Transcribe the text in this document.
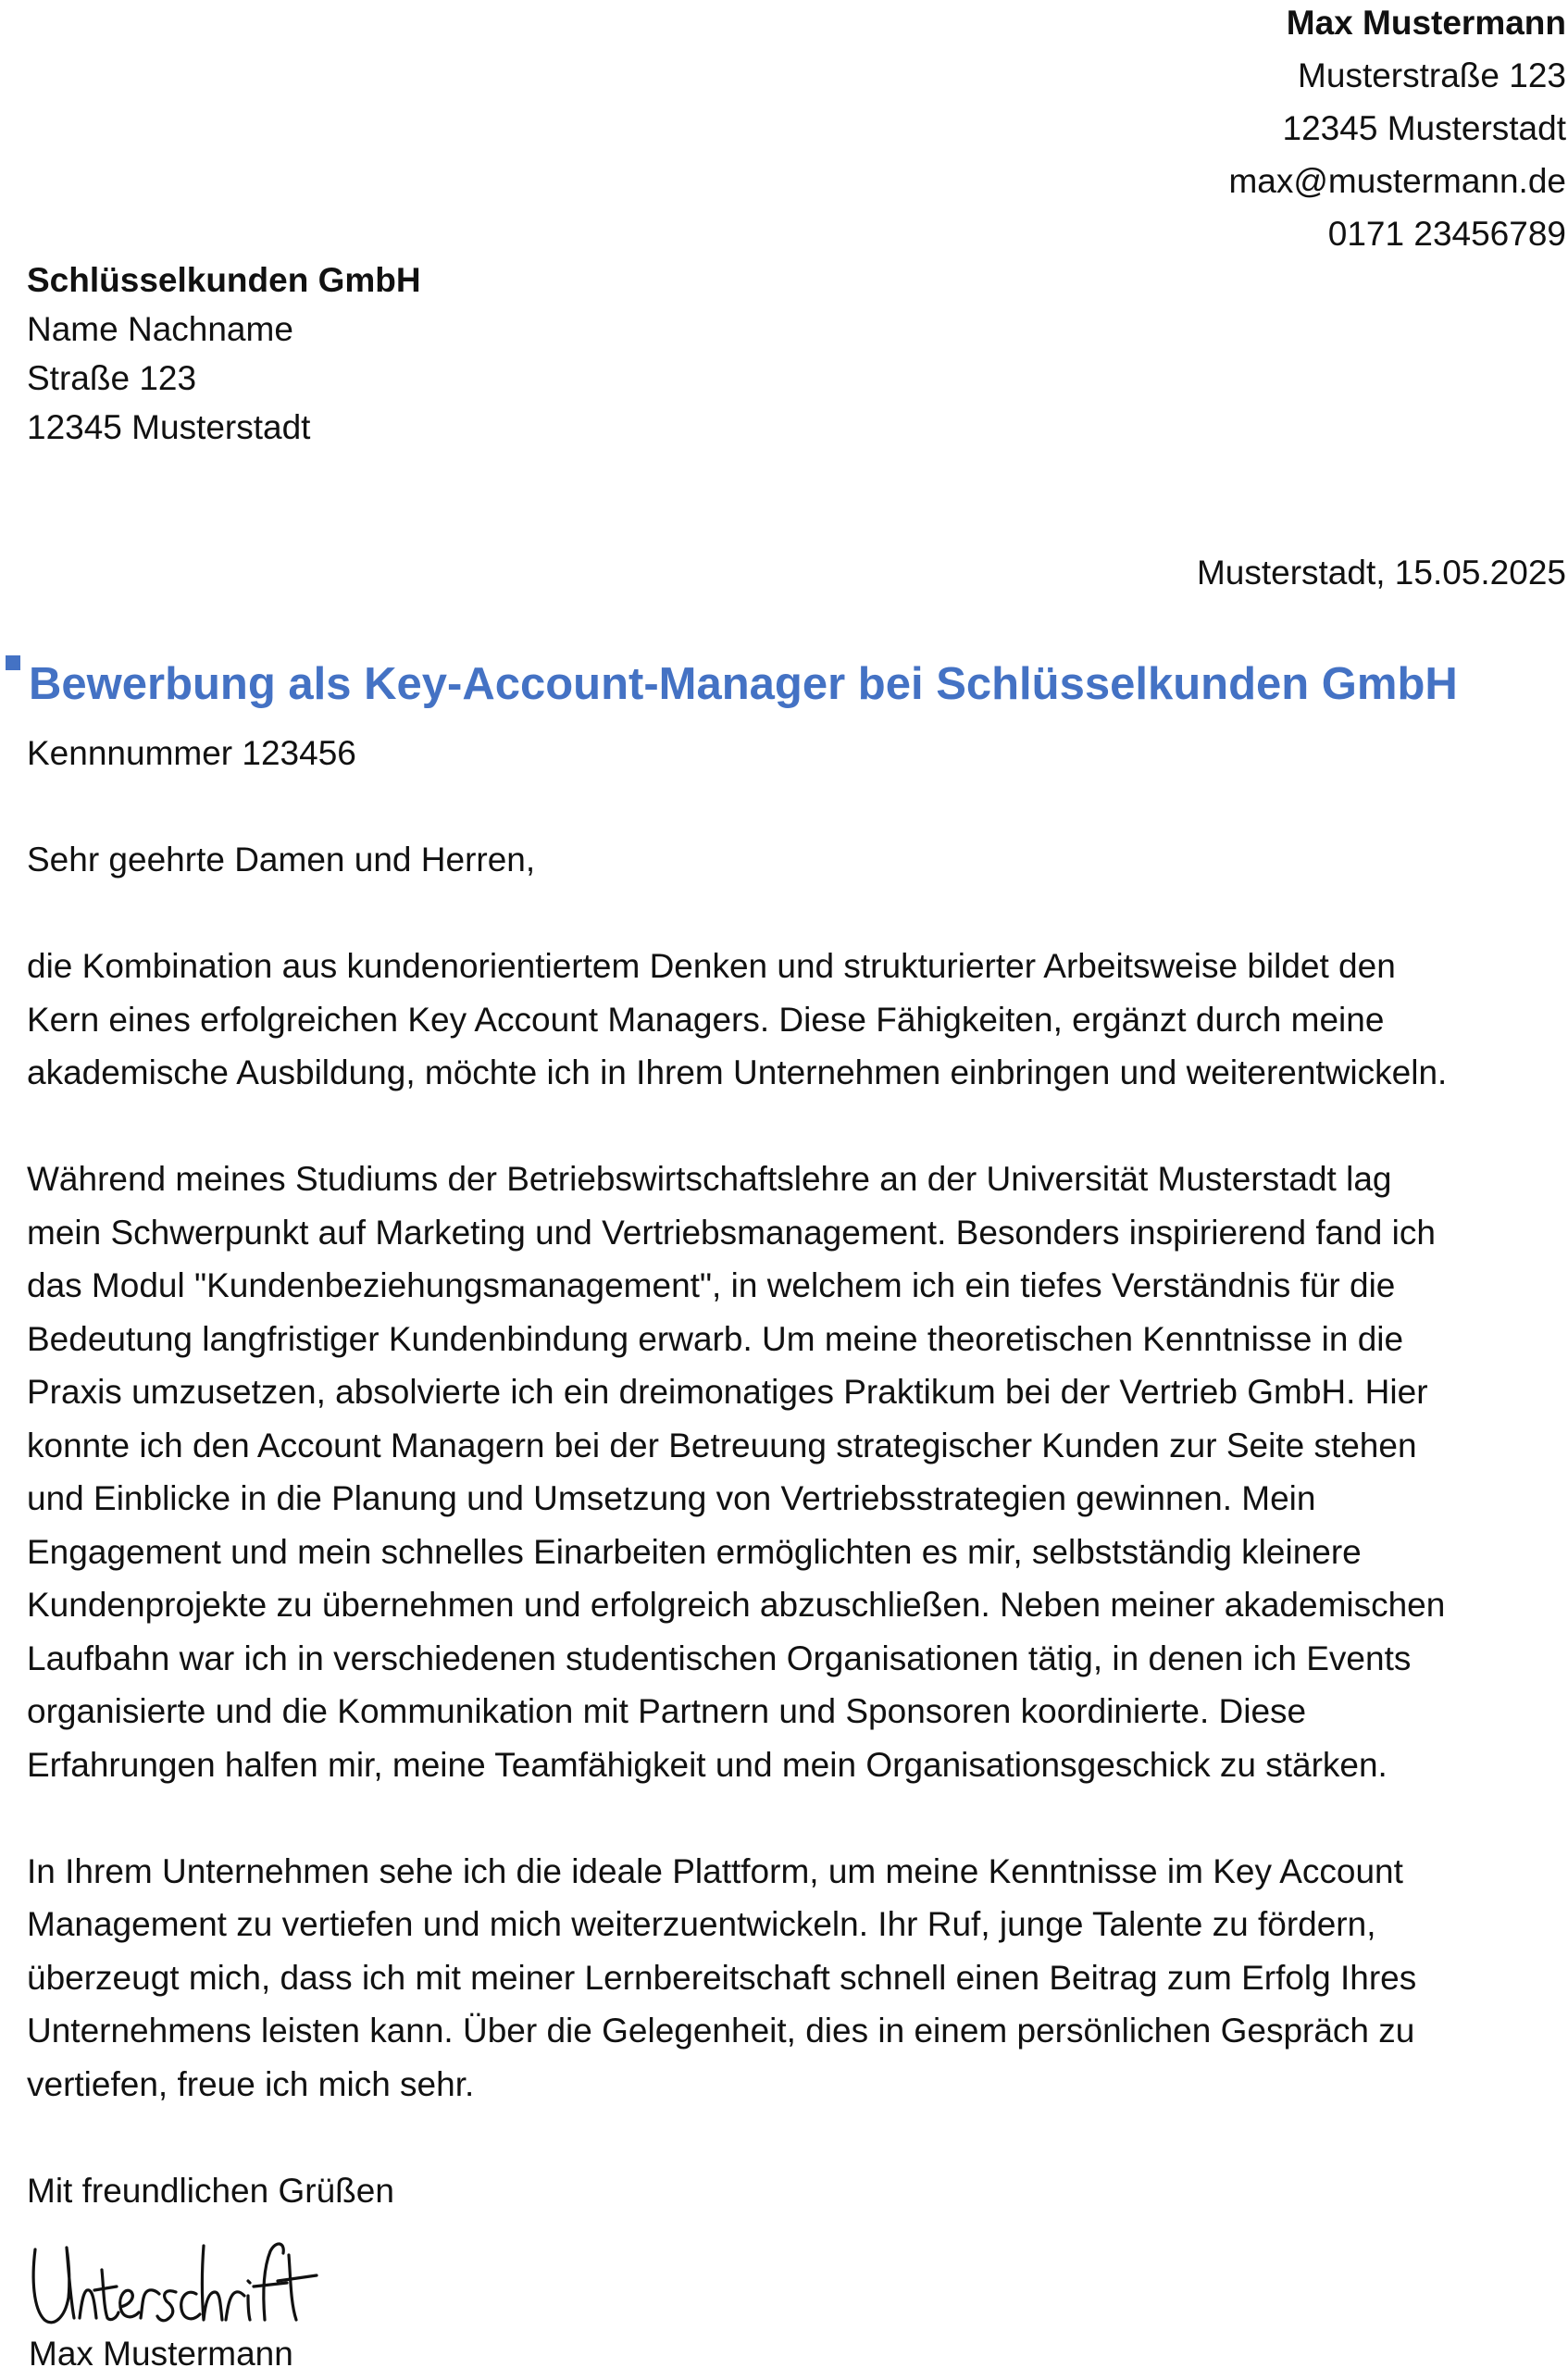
Max Mustermann
Musterstraße 123
12345 Musterstadt
max@mustermann.de
0171 23456789
Schlüsselkunden GmbH
Name Nachname
Straße 123
12345 Musterstadt
Musterstadt, 15.05.2025
Bewerbung als Key-Account-Manager bei Schlüsselkunden GmbH
Kennnummer 123456

Sehr geehrte Damen und Herren,

die Kombination aus kundenorientiertem Denken und strukturierter Arbeitsweise bildet den
Kern eines erfolgreichen Key Account Managers. Diese Fähigkeiten, ergänzt durch meine
akademische Ausbildung, möchte ich in Ihrem Unternehmen einbringen und weiterentwickeln.

Während meines Studiums der Betriebswirtschaftslehre an der Universität Musterstadt lag
mein Schwerpunkt auf Marketing und Vertriebsmanagement. Besonders inspirierend fand ich
das Modul "Kundenbeziehungsmanagement", in welchem ich ein tiefes Verständnis für die
Bedeutung langfristiger Kundenbindung erwarb. Um meine theoretischen Kenntnisse in die
Praxis umzusetzen, absolvierte ich ein dreimonatiges Praktikum bei der Vertrieb GmbH. Hier
konnte ich den Account Managern bei der Betreuung strategischer Kunden zur Seite stehen
und Einblicke in die Planung und Umsetzung von Vertriebsstrategien gewinnen. Mein
Engagement und mein schnelles Einarbeiten ermöglichten es mir, selbstständig kleinere
Kundenprojekte zu übernehmen und erfolgreich abzuschließen. Neben meiner akademischen
Laufbahn war ich in verschiedenen studentischen Organisationen tätig, in denen ich Events
organisierte und die Kommunikation mit Partnern und Sponsoren koordinierte. Diese
Erfahrungen halfen mir, meine Teamfähigkeit und mein Organisationsgeschick zu stärken.

In Ihrem Unternehmen sehe ich die ideale Plattform, um meine Kenntnisse im Key Account
Management zu vertiefen und mich weiterzuentwickeln. Ihr Ruf, junge Talente zu fördern,
überzeugt mich, dass ich mit meiner Lernbereitschaft schnell einen Beitrag zum Erfolg Ihres
Unternehmens leisten kann. Über die Gelegenheit, dies in einem persönlichen Gespräch zu
vertiefen, freue ich mich sehr.

Mit freundlichen Grüßen

Max Mustermann
